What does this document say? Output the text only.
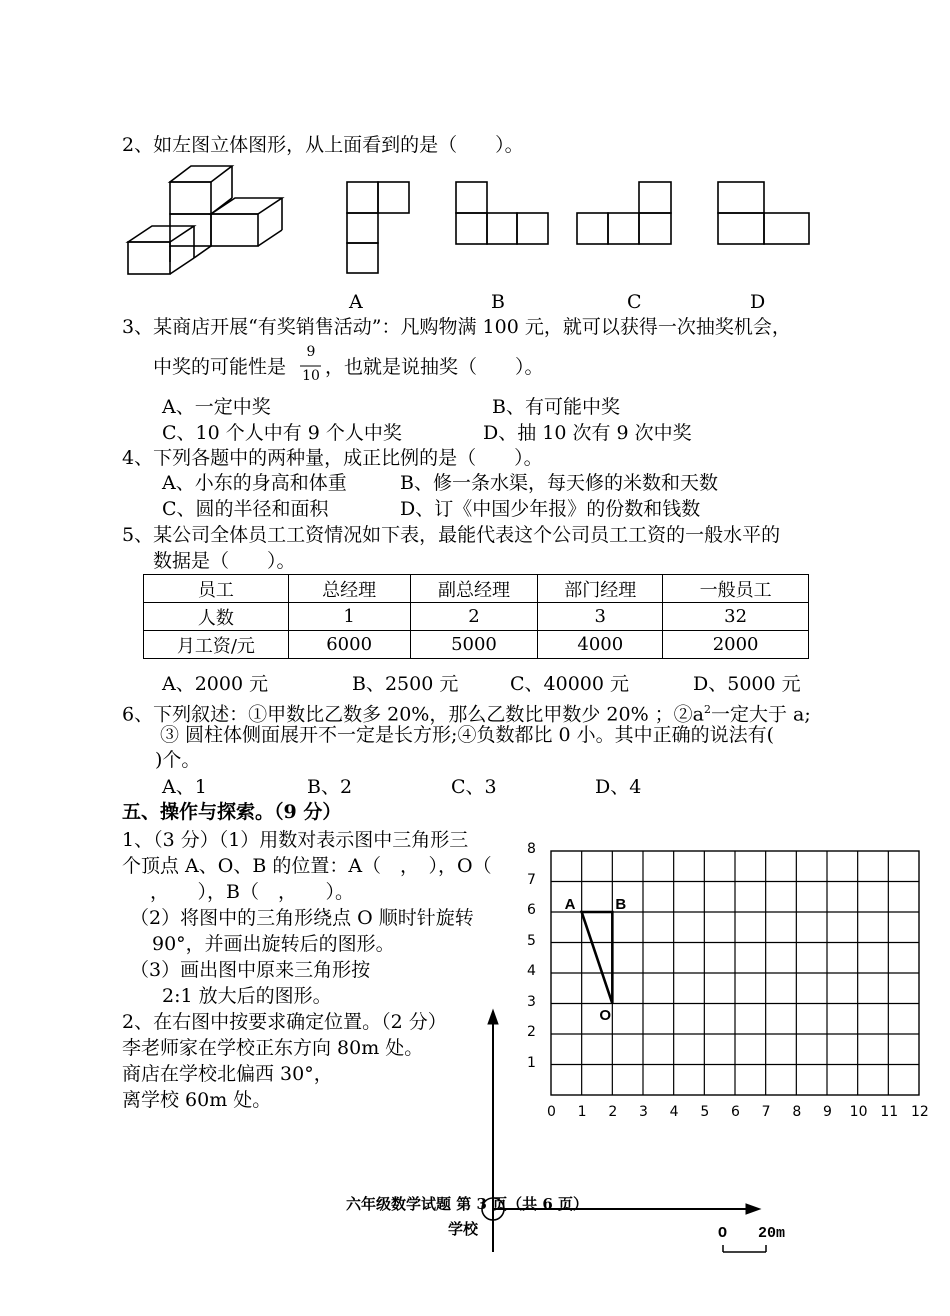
2、如左图立体图形，从上面看到的是（　　）。
A	B	C	D
3、某商店开展“有奖销售活动”：凡购物满 100 元，就可以获得一次抽奖机会，
中奖的可能性是
9
10 ，也就是说抽奖（　　）。
A、一定中奖	B、有可能中奖
C、10 个人中有 9 个人中奖	D、抽 10 次有 9 次中奖
4、下列各题中的两种量，成正比例的是（　　）。
A、小东的身高和体重	B、修一条水渠，每天修的米数和天数
C、圆的半径和面积	D、订《中国少年报》的份数和钱数
5、某公司全体员工工资情况如下表，最能代表这个公司员工工资的一般水平的
数据是（　　）。
员工	总经理	副总经理	部门经理	一般员工
人数	1	2	3	32
月工资/元	6000	5000	4000	2000
A、2000 元	B、2500 元	C、40000 元	D、5000 元
6、下列叙述：①甲数比乙数多 20%，那么乙数比甲数少 20% ；$②a^2$一定大于 a;
③ 圆柱体侧面展开不一定是长方形;④负数都比 0 小。其中正确的说法有(
)个。
A、1	B、2	C、3	D、4
五、操作与探索。（9 分）
1、（3 分）（1）用数对表示图中三角形三
个顶点 A、O、B 的位置：A（　，　），O（
，　　），B（　，　　）。
（2）将图中的三角形绕点 O 顺时针旋转
90°，并画出旋转后的图形。
（3）画出图中原来三角形按
2:1 放大后的图形。
2、在右图中按要求确定位置。（2 分）
李老师家在学校正东方向 80m 处。
商店在学校北偏西 30°，
离学校 60m 处。
0 1 2 3 4 5 6 7 8 9 10 11 12
1
2
3
4
5
6
7
8
A	B
O
六年级数学试题 第 3 页（共 6 页）
学校	O 20m
